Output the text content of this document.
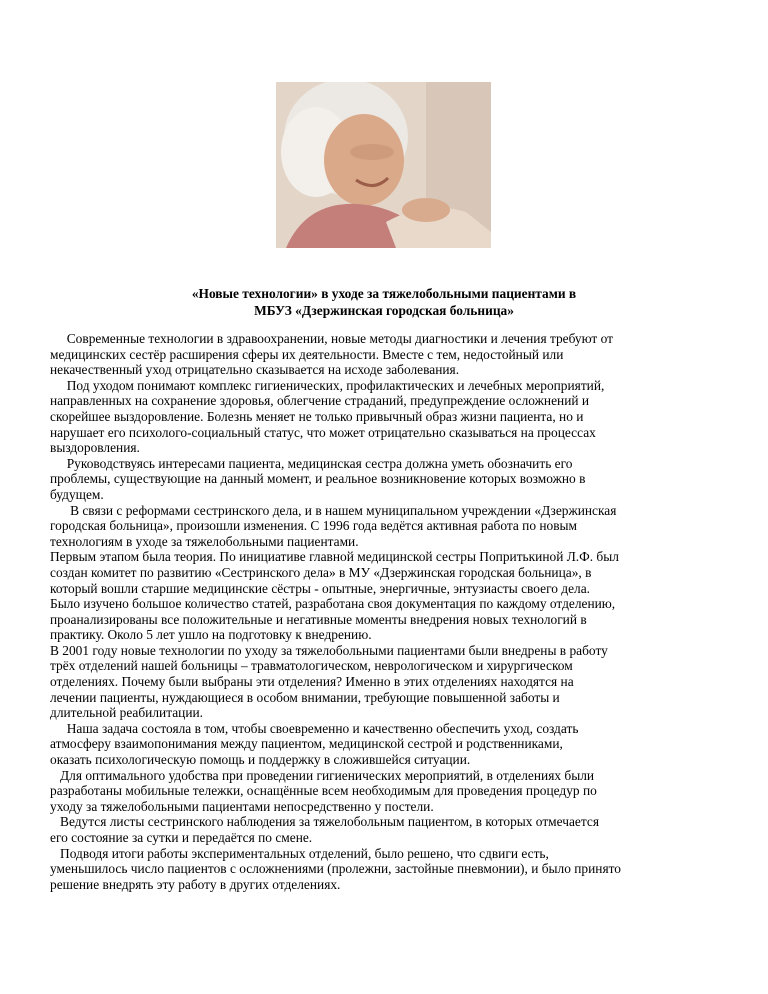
«Новые технологии» в уходе за тяжелобольными пациентами в
МБУЗ «Дзержинская городская больница»
Современные технологии в здравоохранении, новые методы диагностики и лечения требуют от
медицинских сестёр расширения сферы их деятельности. Вместе с тем, недостойный или
некачественный уход отрицательно сказывается на исходе заболевания.
Под уходом понимают комплекс гигиенических, профилактических и лечебных мероприятий,
направленных на сохранение здоровья, облегчение страданий, предупреждение осложнений и
скорейшее выздоровление. Болезнь меняет не только привычный образ жизни пациента, но и
нарушает его психолого-социальный статус, что может отрицательно сказываться на процессах
выздоровления.
Руководствуясь интересами пациента, медицинская сестра должна уметь обозначить его
проблемы, существующие на данный момент, и реальное возникновение которых возможно в
будущем.
В связи с реформами сестринского дела, и в нашем муниципальном учреждении «Дзержинская
городская больница», произошли изменения. С 1996 года ведётся активная работа по новым
технологиям в уходе за тяжелобольными пациентами.
Первым этапом была теория. По инициативе главной медицинской сестры Попритькиной Л.Ф. был
создан комитет по развитию «Сестринского дела» в МУ «Дзержинская городская больница», в
который вошли старшие медицинские сёстры - опытные, энергичные, энтузиасты своего дела.
Было изучено большое количество статей, разработана своя документация по каждому отделению,
проанализированы все положительные и негативные моменты внедрения новых технологий в
практику. Около 5 лет ушло на подготовку к внедрению.
В 2001 году новые технологии по уходу за тяжелобольными пациентами были внедрены в работу
трёх отделений нашей больницы – травматологическом, неврологическом и хирургическом
отделениях. Почему были выбраны эти отделения? Именно в этих отделениях находятся на
лечении пациенты, нуждающиеся в особом внимании, требующие повышенной заботы и
длительной реабилитации.
Наша задача состояла в том, чтобы своевременно и качественно обеспечить уход, создать
атмосферу взаимопонимания между пациентом, медицинской сестрой и родственниками,
оказать психологическую помощь и поддержку в сложившейся ситуации.
Для оптимального удобства при проведении гигиенических мероприятий, в отделениях были
разработаны мобильные тележки, оснащённые всем необходимым для проведения процедур по
уходу за тяжелобольными пациентами непосредственно у постели.
Ведутся листы сестринского наблюдения за тяжелобольным пациентом, в которых отмечается
его состояние за сутки и передаётся по смене.
Подводя итоги работы экспериментальных отделений, было решено, что сдвиги есть,
уменьшилось число пациентов с осложнениями (пролежни, застойные пневмонии), и было принято
решение внедрять эту работу в других отделениях.
